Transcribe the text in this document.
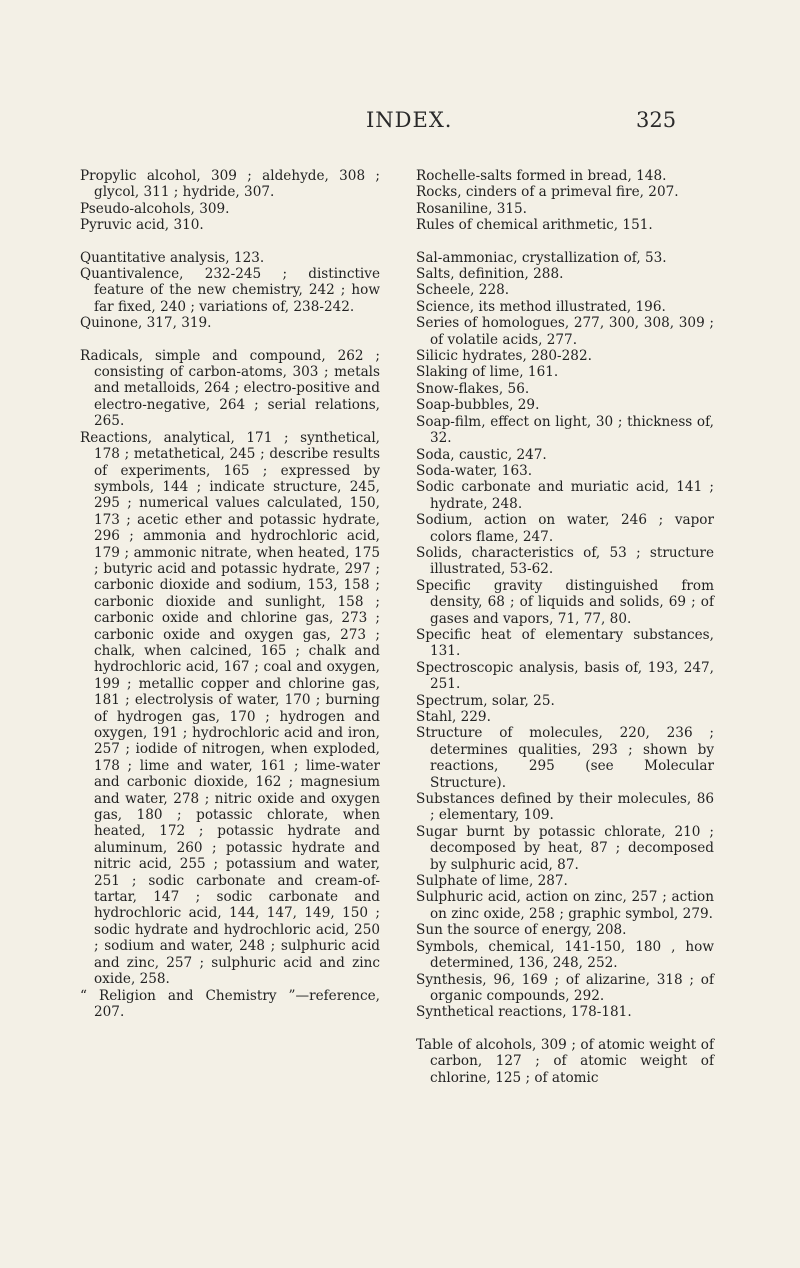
INDEX.	325

Propylic alcohol, 309 ; aldehyde, 308 ; glycol, 311 ; hydride, 307.

Pseudo-alcohols, 309.

Pyruvic acid, 310.

Quantitative analysis, 123.

Quantivalence, 232-245 ; distinctive feature of the new chemistry, 242 ; how far fixed, 240 ; variations of, 238-242.

Quinone, 317, 319.

Radicals, simple and compound, 262 ; consisting of carbon-atoms, 303 ; metals and metalloids, 264 ; electro-positive and electro-negative, 264 ; serial relations, 265.

Reactions, analytical, 171 ; synthetical, 178 ; metathetical, 245 ; describe results of experiments, 165 ; expressed by symbols, 144 ; indicate structure, 245, 295 ; numerical values calculated, 150, 173 ; acetic ether and potassic hydrate, 296 ; ammonia and hydrochloric acid, 179 ; ammonic nitrate, when heated, 175 ; butyric acid and potassic hydrate, 297 ; carbonic dioxide and sodium, 153, 158 ; carbonic dioxide and sunlight, 158 ; carbonic oxide and chlorine gas, 273 ; carbonic oxide and oxygen gas, 273 ; chalk, when calcined, 165 ; chalk and hydrochloric acid, 167 ; coal and oxygen, 199 ; metallic copper and chlorine gas, 181 ; electrolysis of water, 170 ; burning of hydrogen gas, 170 ; hydrogen and oxygen, 191 ; hydrochloric acid and iron, 257 ; iodide of nitrogen, when exploded, 178 ; lime and water, 161 ; lime-water and carbonic dioxide, 162 ; magnesium and water, 278 ; nitric oxide and oxygen gas, 180 ; potassic chlorate, when heated, 172 ; potassic hydrate and aluminum, 260 ; potassic hydrate and nitric acid, 255 ; potassium and water, 251 ; sodic carbonate and cream-of-tartar, 147 ; sodic carbonate and hydrochloric acid, 144, 147, 149, 150 ; sodic hydrate and hydrochloric acid, 250 ; sodium and water, 248 ; sulphuric acid and zinc, 257 ; sulphuric acid and zinc oxide, 258.

“ Religion and Chemistry ”—reference, 207.

Rochelle-salts formed in bread, 148.

Rocks, cinders of a primeval fire, 207.

Rosaniline, 315.

Rules of chemical arithmetic, 151.

Sal-ammoniac, crystallization of, 53.

Salts, definition, 288.

Scheele, 228.

Science, its method illustrated, 196.

Series of homologues, 277, 300, 308, 309 ; of volatile acids, 277.

Silicic hydrates, 280-282.

Slaking of lime, 161.

Snow-flakes, 56.

Soap-bubbles, 29.

Soap-film, effect on light, 30 ; thickness of, 32.

Soda, caustic, 247.

Soda-water, 163.

Sodic carbonate and muriatic acid, 141 ; hydrate, 248.

Sodium, action on water, 246 ; vapor colors flame, 247.

Solids, characteristics of, 53 ; structure illustrated, 53-62.

Specific gravity distinguished from density, 68 ; of liquids and solids, 69 ; of gases and vapors, 71, 77, 80.

Specific heat of elementary substances, 131.

Spectroscopic analysis, basis of, 193, 247, 251.

Spectrum, solar, 25.

Stahl, 229.

Structure of molecules, 220, 236 ; determines qualities, 293 ; shown by reactions, 295 (see Molecular Structure).

Substances defined by their molecules, 86 ; elementary, 109.

Sugar burnt by potassic chlorate, 210 ; decomposed by heat, 87 ; decomposed by sulphuric acid, 87.

Sulphate of lime, 287.

Sulphuric acid, action on zinc, 257 ; action on zinc oxide, 258 ; graphic symbol, 279.

Sun the source of energy, 208.

Symbols, chemical, 141-150, 180 , how determined, 136, 248, 252.

Synthesis, 96, 169 ; of alizarine, 318 ; of organic compounds, 292.

Synthetical reactions, 178-181.

Table of alcohols, 309 ; of atomic weight of carbon, 127 ; of atomic weight of chlorine, 125 ; of atomic
